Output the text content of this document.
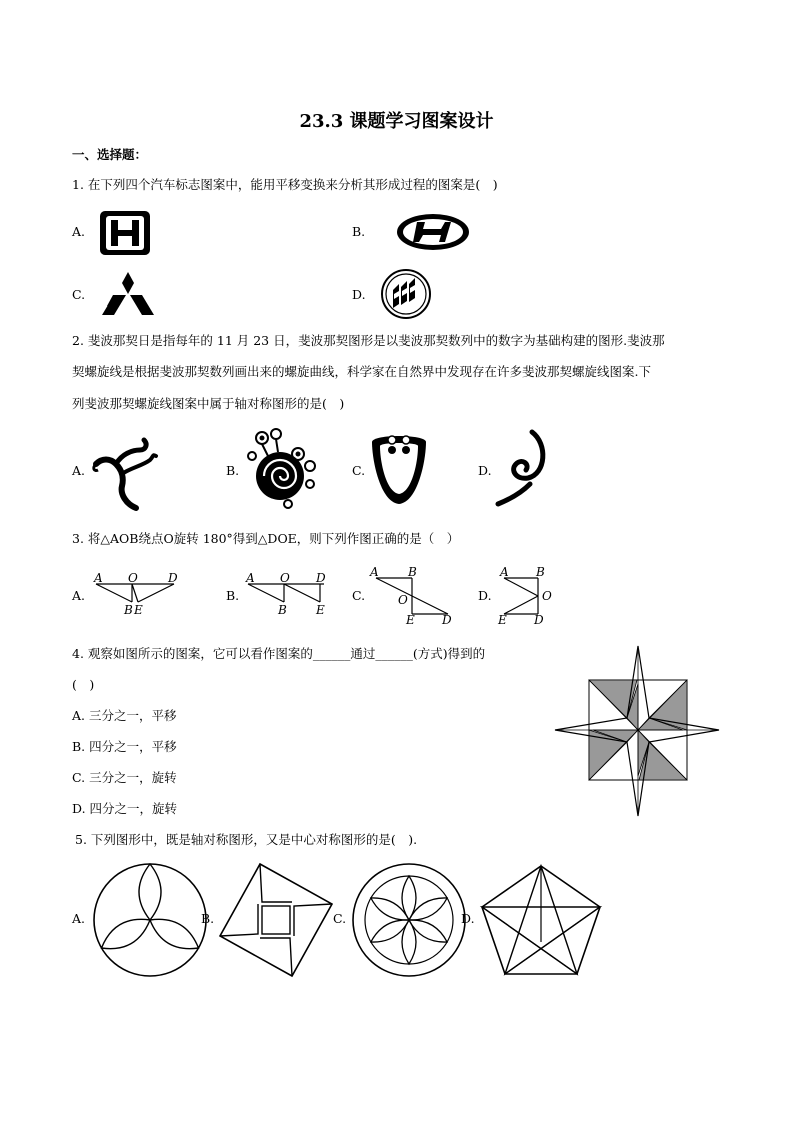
23.3 课题学习图案设计
一、选择题：
1. 在下列四个汽车标志图案中，能用平移变换来分析其形成过程的图案是(　)
A.	B.
C.	D.
2. 斐波那契日是指每年的 11 月 23 日，斐波那契图形是以斐波那契数列中的数字为基础构建的图形.斐波那
契螺旋线是根据斐波那契数列画出来的螺旋曲线，科学家在自然界中发现存在许多斐波那契螺旋线图案.下
列斐波那契螺旋线图案中属于轴对称图形的是(　)
A.	B.	C.	D.
3. 将△AOB绕点O旋转 180°得到△DOE，则下列作图正确的是（　）
A.
A O	D
B E
B.
A O D
B E
C.
A B
O
E D
D.
A B
O
E D
4. 观察如图所示的图案，它可以看作图案的______通过______(方式)得到的
(　)
A. 三分之一，平移
B. 四分之一，平移
C. 三分之一，旋转
D. 四分之一，旋转
5. 下列图形中，既是轴对称图形，又是中心对称图形的是(　).
A.	B.	C.	D.
